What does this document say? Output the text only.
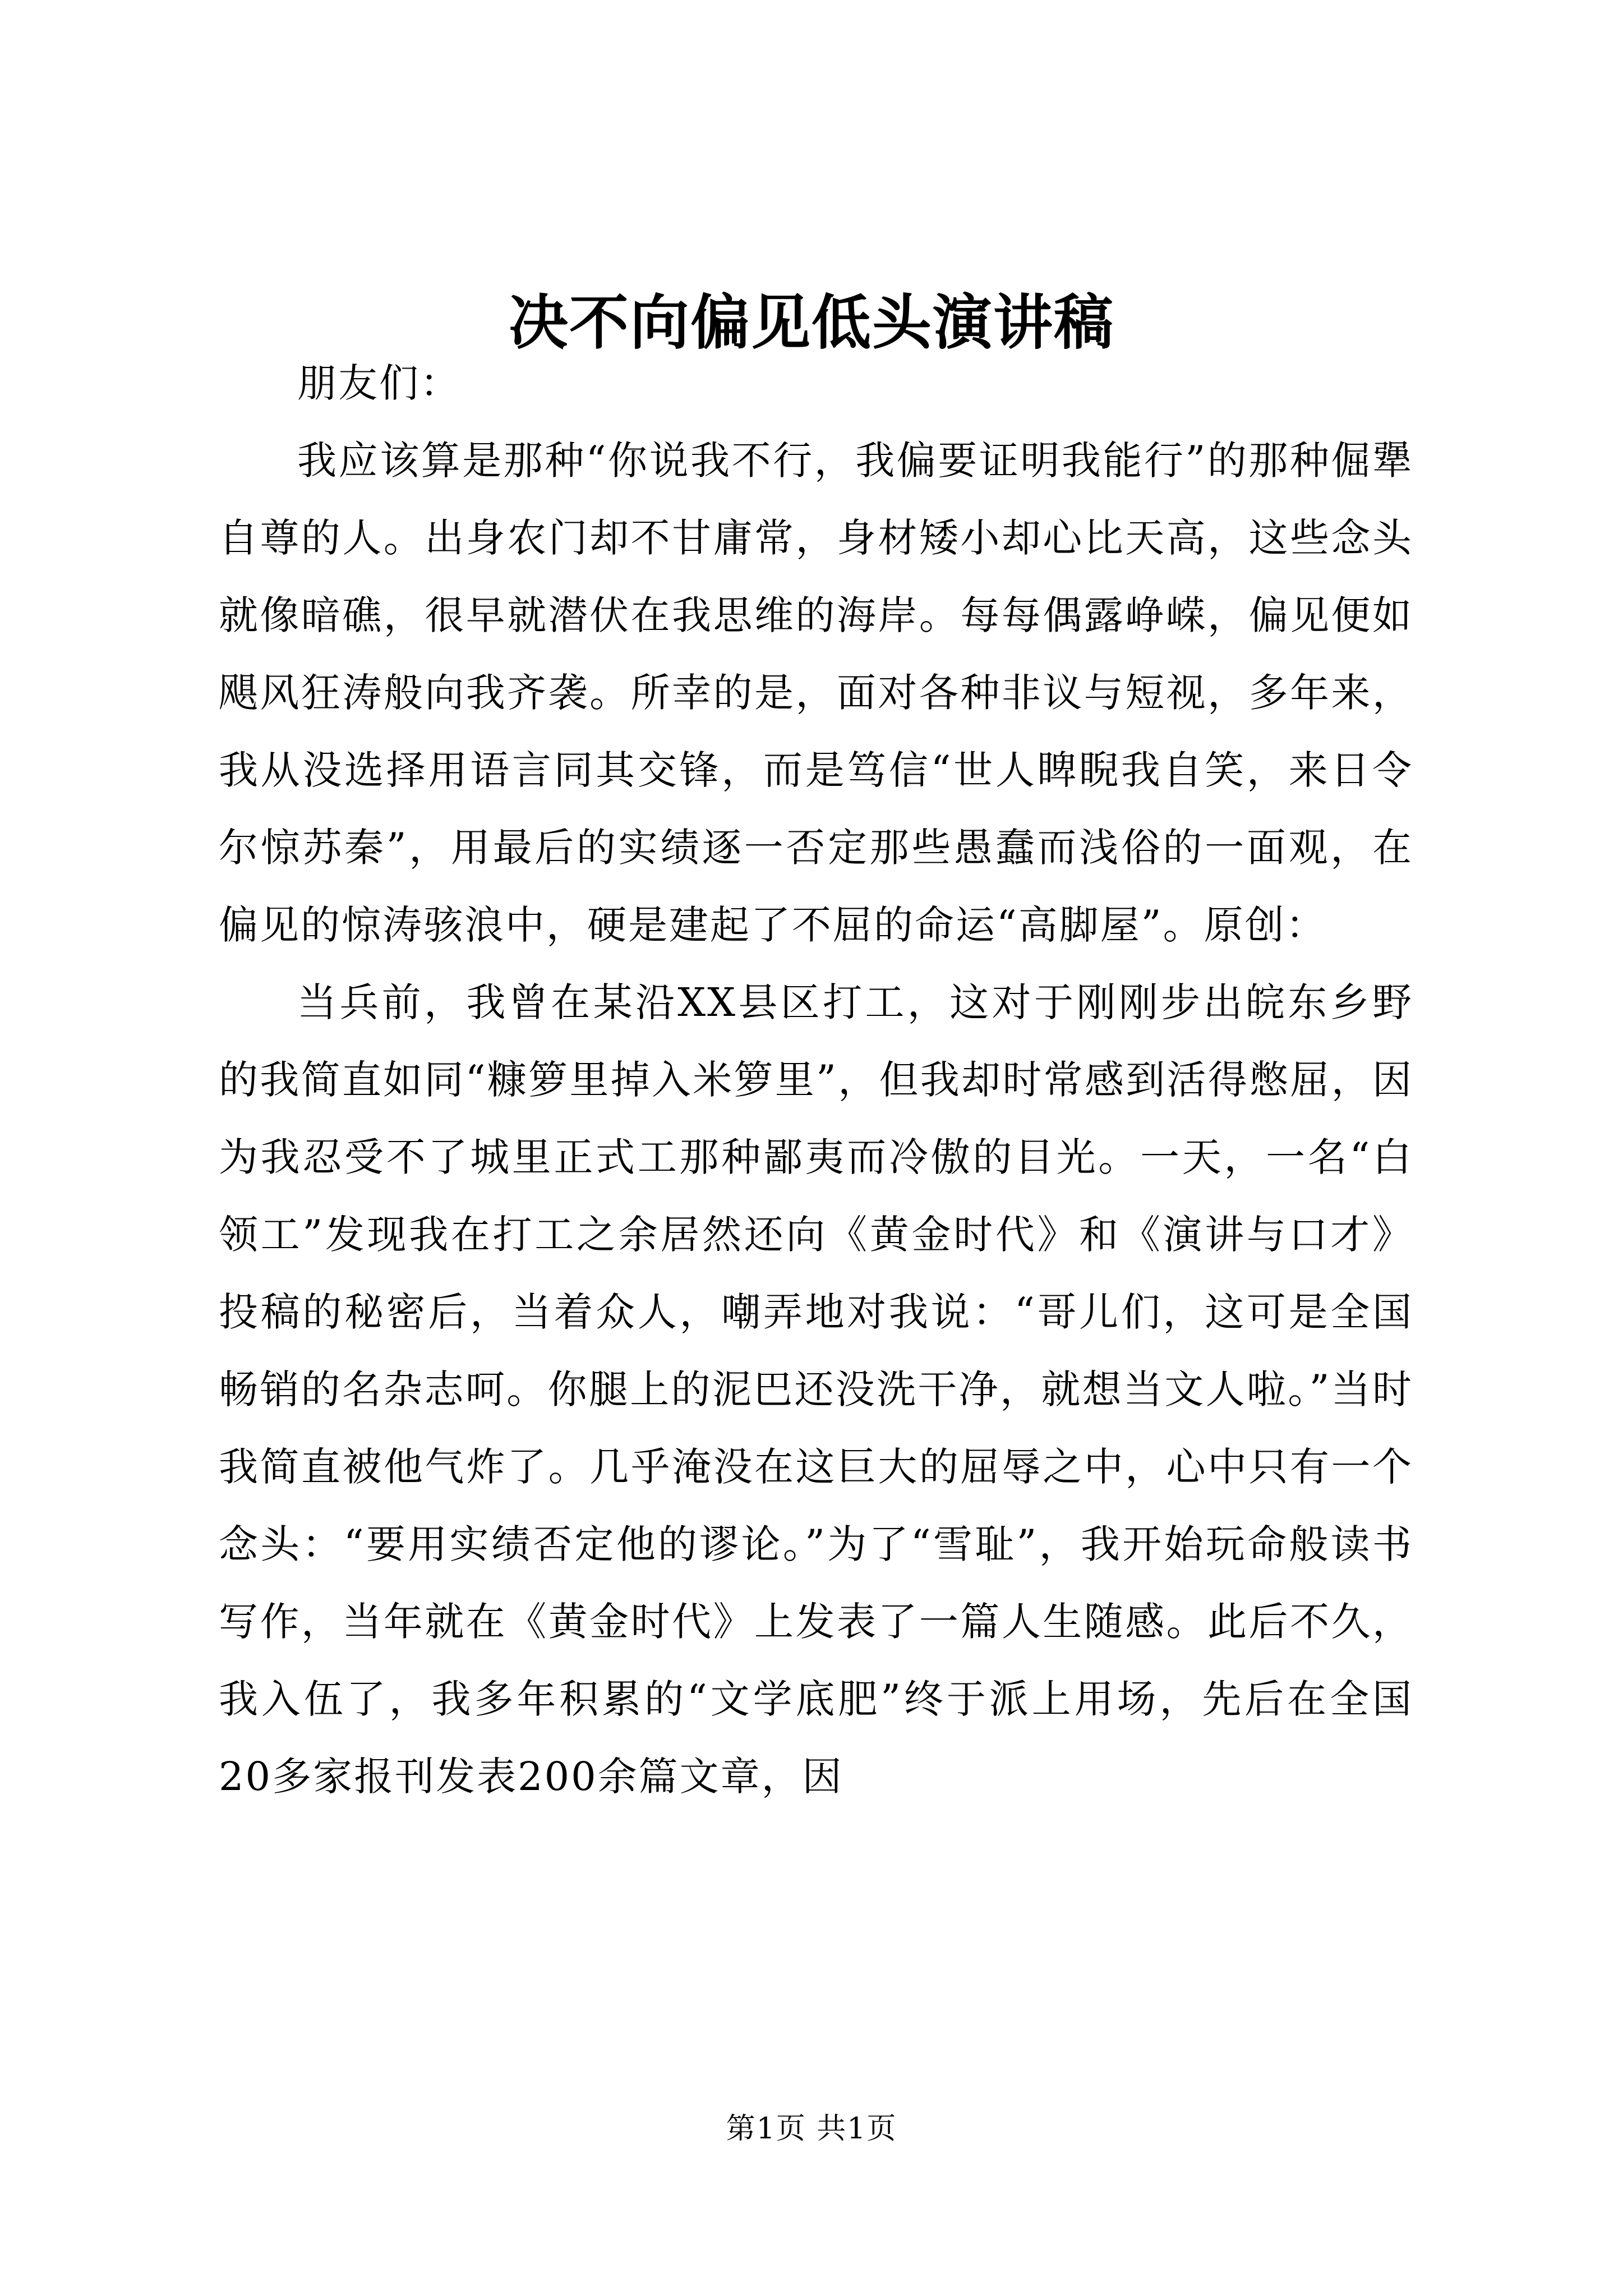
决不向偏见低头演讲稿

朋友们：

我应该算是那种“你说我不行，我偏要证明我能行”的那种倔犟自尊的人。出身农门却不甘庸常，身材矮小却心比天高，这些念头就像暗礁，很早就潜伏在我思维的海岸。每每偶露峥嵘，偏见便如飓风狂涛般向我齐袭。所幸的是，面对各种非议与短视，多年来，我从没选择用语言同其交锋，而是笃信“世人睥睨我自笑，来日令尔惊苏秦”，用最后的实绩逐一否定那些愚蠢而浅俗的一面观，在偏见的惊涛骇浪中，硬是建起了不屈的命运“高脚屋”。原创：

当兵前，我曾在某沿XX县区打工，这对于刚刚步出皖东乡野的我简直如同“糠箩里掉入米箩里”，但我却时常感到活得憋屈，因为我忍受不了城里正式工那种鄙夷而冷傲的目光。一天，一名“白领工”发现我在打工之余居然还向《黄金时代》和《演讲与口才》投稿的秘密后，当着众人，嘲弄地对我说：“哥儿们，这可是全国畅销的名杂志呵。你腿上的泥巴还没洗干净，就想当文人啦。”当时我简直被他气炸了。几乎淹没在这巨大的屈辱之中，心中只有一个念头：“要用实绩否定他的谬论。”为了“雪耻”，我开始玩命般读书写作，当年就在《黄金时代》上发表了一篇人生随感。此后不久，我入伍了，我多年积累的“文学底肥”终于派上用场，先后在全国20多家报刊发表200余篇文章，因

第1页 共1页
